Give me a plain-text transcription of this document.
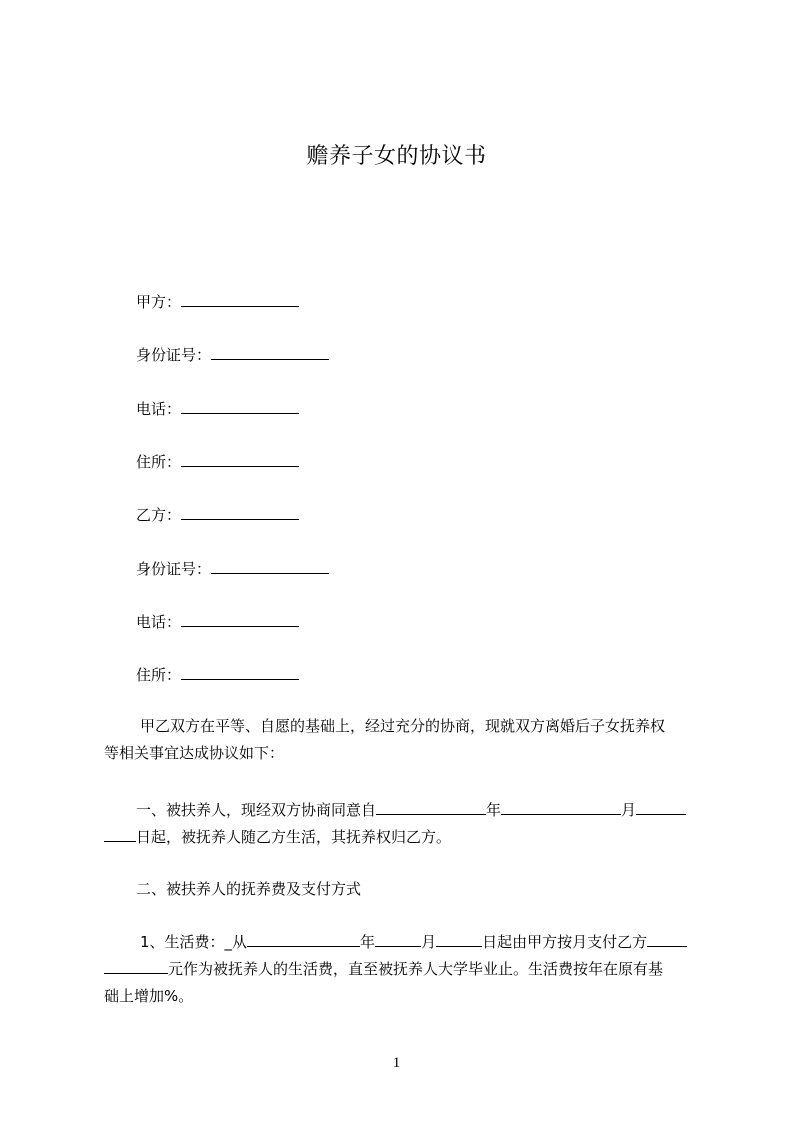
赡养子女的协议书
甲方：
身份证号：
电话：
住所：
乙方：
身份证号：
电话：
住所：
甲乙双方在平等、自愿的基础上，经过充分的协商，现就双方离婚后子女抚养权
等相关事宜达成协议如下：
一、被扶养人，现经双方协商同意自	年	月
日起，被抚养人随乙方生活，其抚养权归乙方。
二、被扶养人的抚养费及支付方式
1、生活费：_从	年	月	日起由甲方按月支付乙方
元作为被抚养人的生活费，直至被抚养人大学毕业止。生活费按年在原有基
础上增加%。
1
